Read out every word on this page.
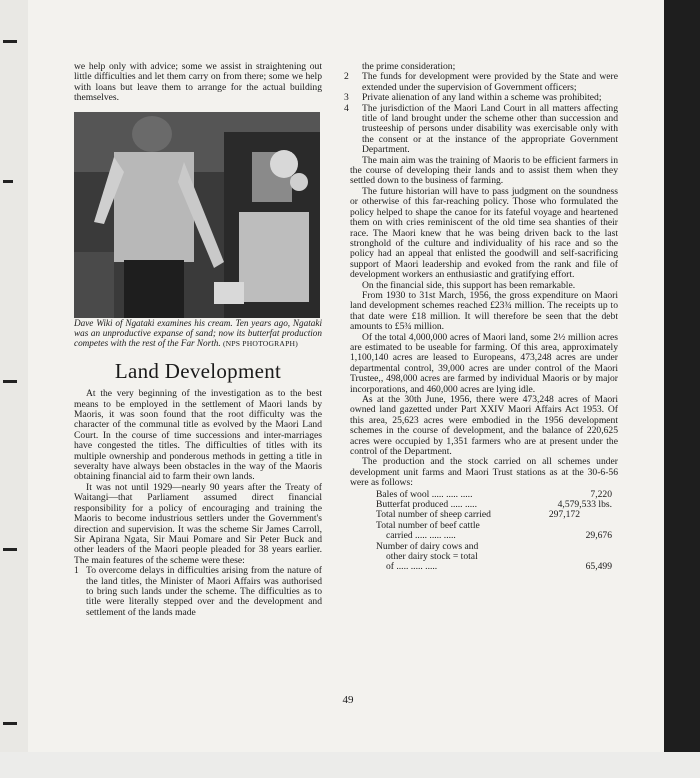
we help only with advice; some we assist in straightening out little difficulties and let them carry on from there; some we help with loans but leave them to arrange for the actual building themselves.

Dave Wiki of Ngataki examines his cream. Ten years ago, Ngataki was an unproductive expanse of sand; now its butterfat production competes with the rest of the Far North. (NPS PHOTOGRAPH)

Land Development

At the very beginning of the investigation as to the best means to be employed in the settlement of Maori lands by Maoris, it was soon found that the root difficulty was the character of the communal title as evolved by the Maori Land Court. In the course of time successions and inter-marriages have congested the titles. The difficulties of titles with its multiple ownership and ponderous methods in getting a title in severalty have always been obstacles in the way of the Maoris obtaining financial aid to farm their own lands.

It was not until 1929—nearly 90 years after the Treaty of Waitangi—that Parliament assumed direct financial responsibility for a policy of encouraging and training the Maoris to become industrious settlers under the Government's direction and supervision. It was the scheme Sir James Carroll, Sir Apirana Ngata, Sir Maui Pomare and Sir Peter Buck and other leaders of the Maori people pleaded for 38 years earlier. The main features of the scheme were these:

1 To overcome delays in difficulties arising from the nature of the land titles, the Minister of Maori Affairs was authorised to bring such lands under the scheme. The difficulties as to title were literally stepped over and the development and settlement of the lands made

the prime consideration;

2 The funds for development were provided by the State and were extended under the supervision of Government officers;

3 Private alienation of any land within a scheme was prohibited;

4 The jurisdiction of the Maori Land Court in all matters affecting title of land brought under the scheme other than succession and trusteeship of persons under disability was exercisable only with the consent or at the instance of the appropriate Government Department.

The main aim was the training of Maoris to be efficient farmers in the course of developing their lands and to assist them when they settled down to the business of farming.

The future historian will have to pass judgment on the soundness or otherwise of this far-reaching policy. Those who formulated the policy helped to shape the canoe for its fateful voyage and heartened them on with cries reminiscent of the old time sea shanties of their race. The Maori knew that he was being driven back to the last stronghold of the culture and individuality of his race and so the policy had an appeal that enlisted the goodwill and self-sacrificing support of Maori leadership and evoked from the rank and file of development workers an enthusiastic and gratifying effort.

On the financial side, this support has been remarkable.

From 1930 to 31st March, 1956, the gross expenditure on Maori land development schemes reached £23¾ million. The receipts up to that date were £18 million. It will therefore be seen that the debt amounts to £5¾ million.

Of the total 4,000,000 acres of Maori land, some 2½ million acres are estimated to be useable for farming. Of this area, approximately 1,100,140 acres are leased to Europeans, 473,248 acres are under departmental control, 39,000 acres are under control of the Maori Trustee,, 498,000 acres are farmed by individual Maoris or by major incorporations, and 460,000 acres are lying idle.

As at the 30th June, 1956, there were 473,248 acres of Maori owned land gazetted under Part XXIV Maori Affairs Act 1953. Of this area, 25,623 acres were embodied in the 1956 development schemes in the course of development, and the balance of 220,625 acres were occupied by 1,351 farmers who are at present under the control of the Department.

The production and the stock carried on all schemes under development unit farms and Maori Trust stations as at the 30-6-56 were as follows:

Bales of wool ..... ..... .....	7,220
Butterfat produced ..... .....	4,579,533 lbs.
Total number of sheep carried	297,172
Total number of beef cattle
carried ..... ..... .....	29,676
Number of dairy cows and
other dairy stock = total
of ..... ..... .....	65,499
49
